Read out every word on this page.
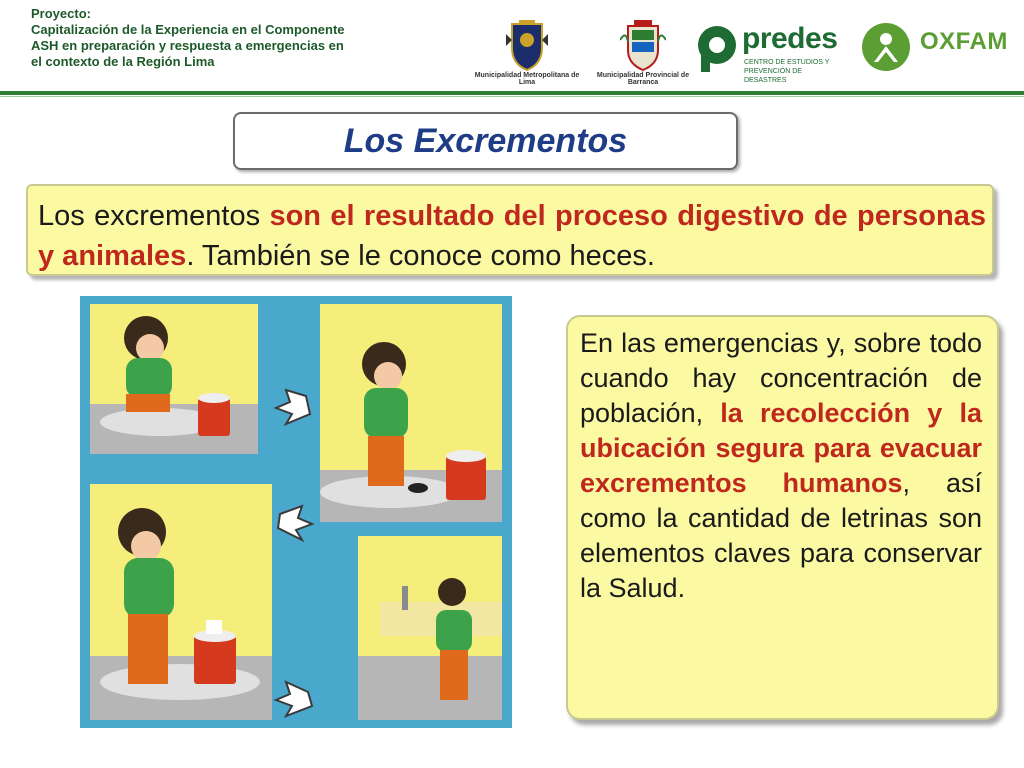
Proyecto:
Capitalización de la Experiencia en el Componente
ASH en preparación y respuesta a emergencias en
el contexto de la Región Lima
Municipalidad Metropolitana de Lima
Municipalidad Provincial de Barranca
predes
CENTRO DE ESTUDIOS Y
PREVENCIÓN DE DESASTRES
OXFAM
Los Excrementos
Los excrementos son el resultado del proceso digestivo de personas y animales. También se le conoce como heces.
En las emergencias y, sobre todo cuando hay concentración de población, la recolección y la ubicación segura para evacuar excrementos humanos, así como la cantidad de letrinas son elementos claves para conservar la Salud.
